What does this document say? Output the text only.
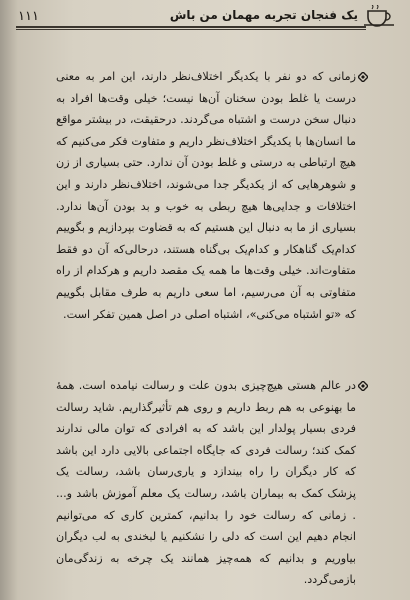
۱۱۱	یک فنجان تجربه مهمان من باش

زمانی که دو نفر با یکدیگر اختلاف‌نظر دارند، این امر به معنی درست یا غلط بودن سخنان آن‌ها نیست؛ خیلی وقت‌ها افراد به دنبال سخن درست و اشتباه می‌گردند. درحقیقت، در بیشتر مواقع ما انسان‌ها با یکدیگر اختلاف‌نظر داریم و متفاوت فکر می‌کنیم که هیچ ارتباطی به درستی و غلط بودن آن ندارد. حتی بسیاری از زن و شوهرهایی که از یکدیگر جدا می‌شوند، اختلاف‌نظر دارند و این اختلافات و جدایی‌ها هیچ ربطی به خوب و بد بودن آن‌ها ندارد. بسیاری از ما به دنبال این هستیم که به قضاوت بپردازیم و بگوییم کدام‌یک گناهکار و کدام‌یک بی‌گناه هستند، درحالی‌که آن دو فقط متفاوت‌اند. خیلی وقت‌ها ما همه یک مقصد داریم و هرکدام از راه متفاوتی به آن می‌رسیم، اما سعی داریم به طرف مقابل بگوییم که «تو اشتباه می‌کنی»، اشتباه اصلی در اصل همین تفکر است.

در عالم هستی هیچ‌چیزی بدون علت و رسالت نیامده است. همهٔ ما بهنوعی به هم ربط داریم و روی هم تأثیرگذاریم. شاید رسالت فردی بسیار پولدار این باشد که به افرادی که توان مالی ندارند کمک کند؛ رسالت فردی که جایگاه اجتماعی بالایی دارد این باشد که کار دیگران را راه بیندازد و یاری‌رسان باشد، رسالت یک پزشک کمک به بیماران باشد، رسالت یک معلم آموزش باشد و... . زمانی که رسالت خود را بدانیم، کمترین کاری که می‌توانیم انجام دهیم این است که دلی را نشکنیم یا لبخندی به لب دیگران بیاوریم و بدانیم که همه‌چیز همانند یک چرخه به زندگی‌مان بازمی‌گردد.
